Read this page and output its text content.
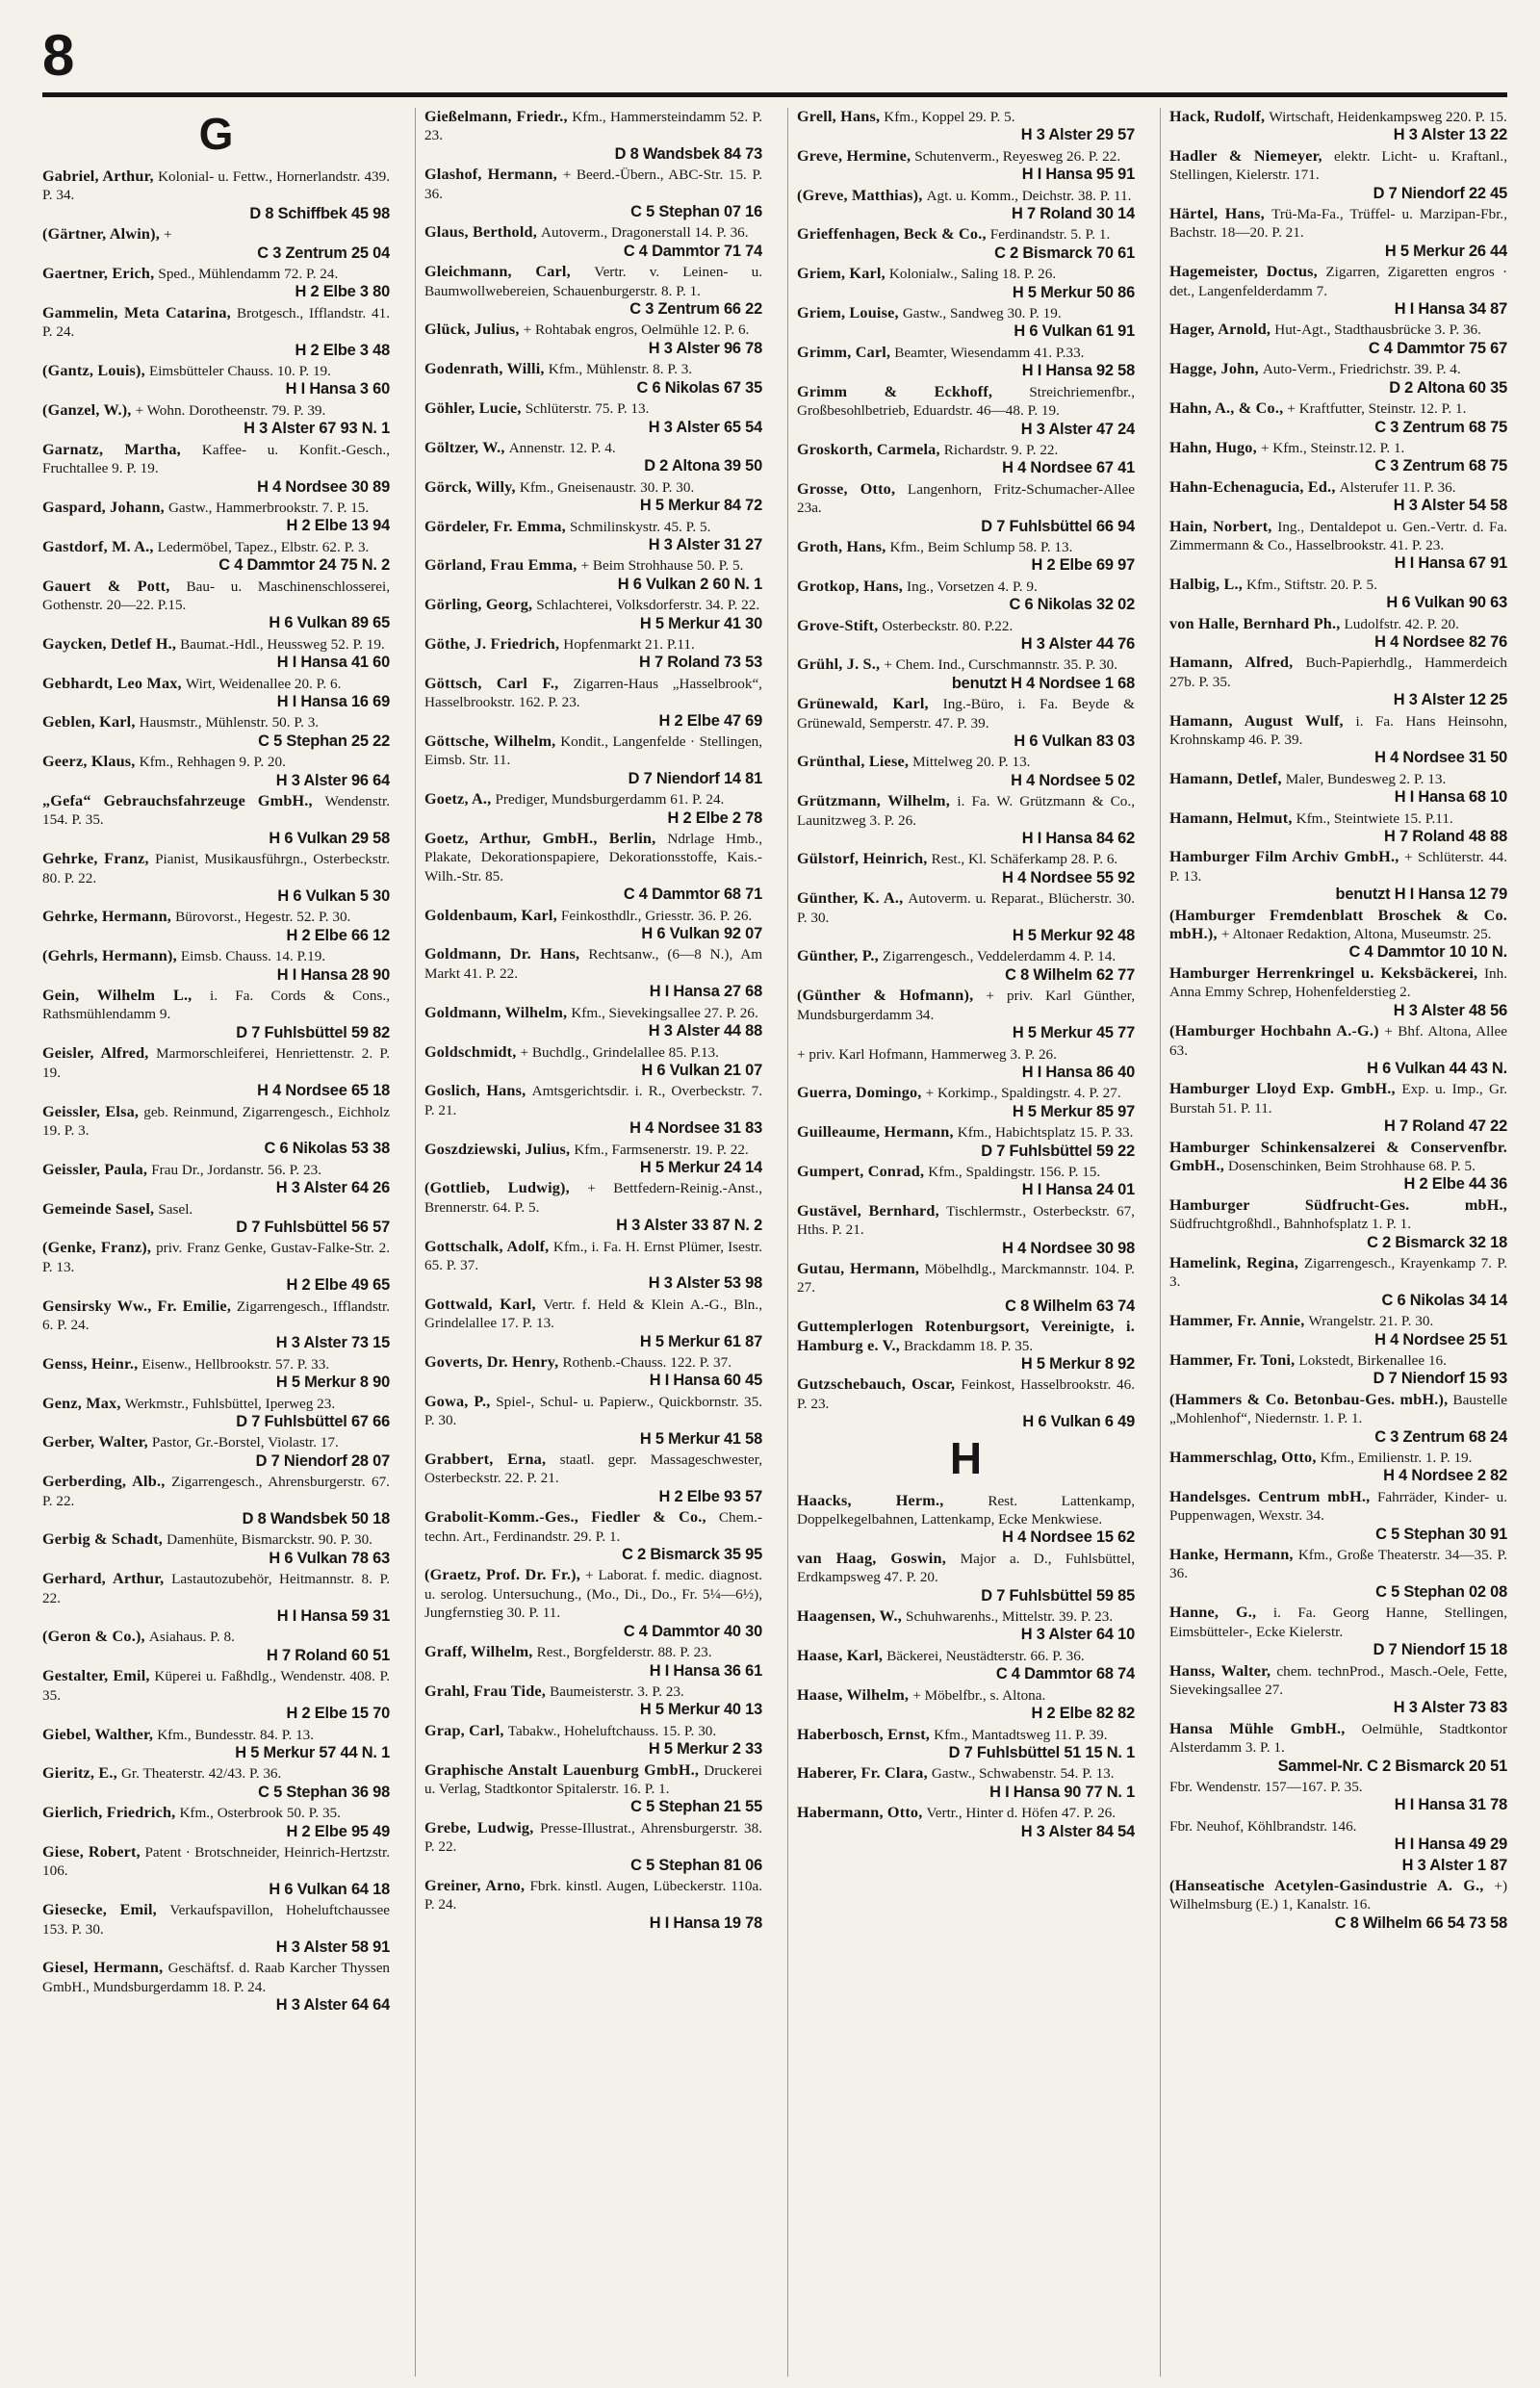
8
G
Gabriel, Arthur, Kolonial- u. Fettw., Hornerlandstr. 439. P. 34.
D 8 Schiffbek 45 98
(Gärtner, Alwin), +
C 3 Zentrum 25 04
Gaertner, Erich, Sped., Mühlendamm 72. P. 24.
H 2 Elbe 3 80
Gammelin, Meta Catarina, Brotgesch., Ifflandstr. 41. P. 24.
H 2 Elbe 3 48
(Gantz, Louis), Eimsbütteler Chauss. 10. P. 19.
H I Hansa 3 60
(Ganzel, W.), + Wohn. Dorotheenstr. 79. P. 39.
H 3 Alster 67 93 N. 1
Garnatz, Martha, Kaffee- u. Konfit.-Gesch., Fruchtallee 9. P. 19.
H 4 Nordsee 30 89
Gaspard, Johann, Gastw., Hammerbrookstr. 7. P. 15.
H 2 Elbe 13 94
Gastdorf, M. A., Ledermöbel, Tapez., Elbstr. 62. P. 3.
C 4 Dammtor 24 75 N. 2
Gauert & Pott, Bau- u. Maschinenschlosserei, Gothenstr. 20—22. P.15.
H 6 Vulkan 89 65
Gaycken, Detlef H., Baumat.-Hdl., Heussweg 52. P. 19.
H I Hansa 41 60
Gebhardt, Leo Max, Wirt, Weidenallee 20. P. 6.
H I Hansa 16 69
Geblen, Karl, Hausmstr., Mühlenstr. 50. P. 3.
C 5 Stephan 25 22
Geerz, Klaus, Kfm., Rehhagen 9. P. 20.
H 3 Alster 96 64
„Gefa“ Gebrauchsfahrzeuge GmbH., Wendenstr. 154. P. 35.
H 6 Vulkan 29 58
Gehrke, Franz, Pianist, Musikausführgn., Osterbeckstr. 80. P. 22.
H 6 Vulkan 5 30
Gehrke, Hermann, Bürovorst., Hegestr. 52. P. 30.
H 2 Elbe 66 12
(Gehrls, Hermann), Eimsb. Chauss. 14. P.19.
H I Hansa 28 90
Gein, Wilhelm L., i. Fa. Cords & Cons., Rathsmühlendamm 9.
D 7 Fuhlsbüttel 59 82
Geisler, Alfred, Marmorschleiferei, Henriettenstr. 2. P. 19.
H 4 Nordsee 65 18
Geissler, Elsa, geb. Reinmund, Zigarrengesch., Eichholz 19. P. 3.
C 6 Nikolas 53 38
Geissler, Paula, Frau Dr., Jordanstr. 56. P. 23.
H 3 Alster 64 26
Gemeinde Sasel, Sasel.
D 7 Fuhlsbüttel 56 57
(Genke, Franz), priv. Franz Genke, Gustav-Falke-Str. 2. P. 13.
H 2 Elbe 49 65
Gensirsky Ww., Fr. Emilie, Zigarrengesch., Ifflandstr. 6. P. 24.
H 3 Alster 73 15
Genss, Heinr., Eisenw., Hellbrookstr. 57. P. 33.
H 5 Merkur 8 90
Genz, Max, Werkmstr., Fuhlsbüttel, Iperweg 23.
D 7 Fuhlsbüttel 67 66
Gerber, Walter, Pastor, Gr.-Borstel, Violastr. 17.
D 7 Niendorf 28 07
Gerberding, Alb., Zigarrengesch., Ahrensburgerstr. 67. P. 22.
D 8 Wandsbek 50 18
Gerbig & Schadt, Damenhüte, Bismarckstr. 90. P. 30.
H 6 Vulkan 78 63
Gerhard, Arthur, Lastautozubehör, Heitmannstr. 8. P. 22.
H I Hansa 59 31
(Geron & Co.), Asiahaus. P. 8.
H 7 Roland 60 51
Gestalter, Emil, Küperei u. Faßhdlg., Wendenstr. 408. P. 35.
H 2 Elbe 15 70
Giebel, Walther, Kfm., Bundesstr. 84. P. 13.
H 5 Merkur 57 44 N. 1
Gieritz, E., Gr. Theaterstr. 42/43. P. 36.
C 5 Stephan 36 98
Gierlich, Friedrich, Kfm., Osterbrook 50. P. 35.
H 2 Elbe 95 49
Giese, Robert, Patent · Brotschneider, Heinrich-Hertzstr. 106.
H 6 Vulkan 64 18
Giesecke, Emil, Verkaufspavillon, Hoheluftchaussee 153. P. 30.
H 3 Alster 58 91
Giesel, Hermann, Geschäftsf. d. Raab Karcher Thyssen GmbH., Mundsburgerdamm 18. P. 24.
H 3 Alster 64 64
Gießelmann, Friedr., Kfm., Hammersteindamm 52. P. 23.
D 8 Wandsbek 84 73
Glashof, Hermann, + Beerd.-Übern., ABC-Str. 15. P. 36.
C 5 Stephan 07 16
Glaus, Berthold, Autoverm., Dragonerstall 14. P. 36.
C 4 Dammtor 71 74
Gleichmann, Carl, Vertr. v. Leinen- u. Baumwollwebereien, Schauenburgerstr. 8. P. 1.
C 3 Zentrum 66 22
Glück, Julius, + Rohtabak engros, Oelmühle 12. P. 6.
H 3 Alster 96 78
Godenrath, Willi, Kfm., Mühlenstr. 8. P. 3.
C 6 Nikolas 67 35
Göhler, Lucie, Schlüterstr. 75. P. 13.
H 3 Alster 65 54
Göltzer, W., Annenstr. 12. P. 4.
D 2 Altona 39 50
Görck, Willy, Kfm., Gneisenaustr. 30. P. 30.
H 5 Merkur 84 72
Gördeler, Fr. Emma, Schmilinskystr. 45. P. 5.
H 3 Alster 31 27
Görland, Frau Emma, + Beim Strohhause 50. P. 5.
H 6 Vulkan 2 60 N. 1
Görling, Georg, Schlachterei, Volksdorferstr. 34. P. 22.
H 5 Merkur 41 30
Göthe, J. Friedrich, Hopfenmarkt 21. P.11.
H 7 Roland 73 53
Göttsch, Carl F., Zigarren-Haus „Hasselbrook“, Hasselbrookstr. 162. P. 23.
H 2 Elbe 47 69
Göttsche, Wilhelm, Kondit., Langenfelde · Stellingen, Eimsb. Str. 11.
D 7 Niendorf 14 81
Goetz, A., Prediger, Mundsburgerdamm 61. P. 24.
H 2 Elbe 2 78
Goetz, Arthur, GmbH., Berlin, Ndrlage Hmb., Plakate, Dekorationspapiere, Dekorationsstoffe, Kais.-Wilh.-Str. 85.
C 4 Dammtor 68 71
Goldenbaum, Karl, Feinkosthdlr., Griesstr. 36. P. 26.
H 6 Vulkan 92 07
Goldmann, Dr. Hans, Rechtsanw., (6—8 N.), Am Markt 41. P. 22.
H I Hansa 27 68
Goldmann, Wilhelm, Kfm., Sievekingsallee 27. P. 26.
H 3 Alster 44 88
Goldschmidt, + Buchdlg., Grindelallee 85. P.13.
H 6 Vulkan 21 07
Goslich, Hans, Amtsgerichtsdir. i. R., Overbeckstr. 7. P. 21.
H 4 Nordsee 31 83
Goszdziewski, Julius, Kfm., Farmsenerstr. 19. P. 22.
H 5 Merkur 24 14
(Gottlieb, Ludwig), + Bettfedern-Reinig.-Anst., Brennerstr. 64. P. 5.
H 3 Alster 33 87 N. 2
Gottschalk, Adolf, Kfm., i. Fa. H. Ernst Plümer, Isestr. 65. P. 37.
H 3 Alster 53 98
Gottwald, Karl, Vertr. f. Held & Klein A.-G., Bln., Grindelallee 17. P. 13.
H 5 Merkur 61 87
Goverts, Dr. Henry, Rothenb.-Chauss. 122. P. 37.
H I Hansa 60 45
Gowa, P., Spiel-, Schul- u. Papierw., Quickbornstr. 35. P. 30.
H 5 Merkur 41 58
Grabbert, Erna, staatl. gepr. Massageschwester, Osterbeckstr. 22. P. 21.
H 2 Elbe 93 57
Grabolit-Komm.-Ges., Fiedler & Co., Chem.-techn. Art., Ferdinandstr. 29. P. 1.
C 2 Bismarck 35 95
(Graetz, Prof. Dr. Fr.), + Laborat. f. medic. diagnost. u. serolog. Untersuchung., (Mo., Di., Do., Fr. 5¼—6½), Jungfernstieg 30. P. 11.
C 4 Dammtor 40 30
Graff, Wilhelm, Rest., Borgfelderstr. 88. P. 23.
H I Hansa 36 61
Grahl, Frau Tide, Baumeisterstr. 3. P. 23.
H 5 Merkur 40 13
Grap, Carl, Tabakw., Hoheluftchauss. 15. P. 30.
H 5 Merkur 2 33
Graphische Anstalt Lauenburg GmbH., Druckerei u. Verlag, Stadtkontor Spitalerstr. 16. P. 1.
C 5 Stephan 21 55
Grebe, Ludwig, Presse-Illustrat., Ahrensburgerstr. 38. P. 22.
C 5 Stephan 81 06
Greiner, Arno, Fbrk. kinstl. Augen, Lübeckerstr. 110a. P. 24.
H I Hansa 19 78
Grell, Hans, Kfm., Koppel 29. P. 5.
H 3 Alster 29 57
Greve, Hermine, Schutenverm., Reyesweg 26. P. 22.
H I Hansa 95 91
(Greve, Matthias), Agt. u. Komm., Deichstr. 38. P. 11.
H 7 Roland 30 14
Grieffenhagen, Beck & Co., Ferdinandstr. 5. P. 1.
C 2 Bismarck 70 61
Griem, Karl, Kolonialw., Saling 18. P. 26.
H 5 Merkur 50 86
Griem, Louise, Gastw., Sandweg 30. P. 19.
H 6 Vulkan 61 91
Grimm, Carl, Beamter, Wiesendamm 41. P.33.
H I Hansa 92 58
Grimm & Eckhoff,	Streichriemenfbr., Großbesohlbetrieb, Eduardstr. 46—48. P. 19.
H 3 Alster 47 24
Groskorth, Carmela, Richardstr. 9. P. 22.
H 4 Nordsee 67 41
Grosse, Otto, Langenhorn, Fritz-Schumacher-Allee 23a.
D 7 Fuhlsbüttel 66 94
Groth, Hans, Kfm., Beim Schlump 58. P. 13.
H 2 Elbe 69 97
Grotkop, Hans, Ing., Vorsetzen 4. P. 9.
C 6 Nikolas 32 02
Grove-Stift, Osterbeckstr. 80. P.22.
H 3 Alster 44 76
Grühl, J. S., + Chem. Ind., Curschmannstr. 35. P. 30.
benutzt H 4 Nordsee 1 68
Grünewald, Karl, Ing.-Büro, i. Fa. Beyde & Grünewald, Semperstr. 47. P. 39.
H 6 Vulkan 83 03
Grünthal, Liese, Mittelweg 20. P. 13.
H 4 Nordsee 5 02
Grützmann, Wilhelm, i. Fa. W. Grützmann & Co., Launitzweg 3. P. 26.
H I Hansa 84 62
Gülstorf, Heinrich, Rest., Kl. Schäferkamp 28. P. 6.
H 4 Nordsee 55 92
Günther, K. A., Autoverm. u. Reparat., Blücherstr. 30. P. 30.
H 5 Merkur 92 48
Günther, P., Zigarrengesch., Veddelerdamm 4. P. 14.
C 8 Wilhelm 62 77
(Günther & Hofmann), + priv. Karl Günther, Mundsburgerdamm 34.
H 5 Merkur 45 77
+ priv. Karl Hofmann, Hammerweg 3. P. 26.
H I Hansa 86 40
Guerra, Domingo, + Korkimp., Spaldingstr. 4. P. 27.
H 5 Merkur 85 97
Guilleaume, Hermann, Kfm., Habichtsplatz 15. P. 33.
D 7 Fuhlsbüttel 59 22
Gumpert, Conrad, Kfm., Spaldingstr. 156. P. 15.
H I Hansa 24 01
Gustävel, Bernhard, Tischlermstr., Osterbeckstr. 67, Hths. P. 21.
H 4 Nordsee 30 98
Gutau, Hermann, Möbelhdlg., Marckmannstr. 104. P. 27.
C 8 Wilhelm 63 74
Guttemplerlogen Rotenburgsort, Vereinigte, i. Hamburg e. V., Brackdamm 18. P. 35.
H 5 Merkur 8 92
Gutzschebauch, Oscar, Feinkost, Hasselbrookstr. 46. P. 23.
H 6 Vulkan 6 49
H
Haacks, Herm.,	Rest. Lattenkamp, Doppelkegelbahnen, Lattenkamp, Ecke Menkwiese.
H 4 Nordsee 15 62
van Haag, Goswin, Major a. D., Fuhlsbüttel, Erdkampsweg 47. P. 20.
D 7 Fuhlsbüttel 59 85
Haagensen, W., Schuhwarenhs., Mittelstr. 39. P. 23.
H 3 Alster 64 10
Haase, Karl, Bäckerei, Neustädterstr. 66. P. 36.
C 4 Dammtor 68 74
Haase, Wilhelm, + Möbelfbr., s. Altona.
H 2 Elbe 82 82
Haberbosch, Ernst, Kfm., Mantadtsweg 11. P. 39.
D 7 Fuhlsbüttel 51 15 N. 1
Haberer, Fr. Clara, Gastw., Schwabenstr. 54. P. 13.
H I Hansa 90 77 N. 1
Habermann, Otto, Vertr., Hinter d. Höfen 47. P. 26.
H 3 Alster 84 54
Hack, Rudolf, Wirtschaft, Heidenkampsweg 220. P. 15.
H 3 Alster 13 22
Hadler & Niemeyer, elektr. Licht- u. Kraftanl., Stellingen, Kielerstr. 171.
D 7 Niendorf 22 45
Härtel, Hans, Trü-Ma-Fa., Trüffel- u. Marzipan-Fbr., Bachstr. 18—20. P. 21.
H 5 Merkur 26 44
Hagemeister, Doctus, Zigarren, Zigaretten engros · det., Langenfelderdamm 7.
H I Hansa 34 87
Hager, Arnold, Hut-Agt., Stadthausbrücke 3. P. 36.
C 4 Dammtor 75 67
Hagge, John, Auto-Verm., Friedrichstr. 39. P. 4.
D 2 Altona 60 35
Hahn, A., & Co., + Kraftfutter, Steinstr. 12. P. 1.
C 3 Zentrum 68 75
Hahn, Hugo, + Kfm., Steinstr.12. P. 1.
C 3 Zentrum 68 75
Hahn-Echenagucia, Ed., Alsterufer 11. P. 36.
H 3 Alster 54 58
Hain, Norbert, Ing., Dentaldepot u. Gen.-Vertr. d. Fa. Zimmermann & Co., Hasselbrookstr. 41. P. 23.
H I Hansa 67 91
Halbig, L., Kfm., Stiftstr. 20. P. 5.
H 6 Vulkan 90 63
von Halle, Bernhard Ph., Ludolfstr. 42. P. 20.
H 4 Nordsee 82 76
Hamann, Alfred, Buch-Papierhdlg., Hammerdeich 27b. P. 35.
H 3 Alster 12 25
Hamann, August Wulf, i. Fa. Hans Heinsohn, Krohnskamp 46. P. 39.
H 4 Nordsee 31 50
Hamann, Detlef, Maler, Bundesweg 2. P. 13.
H I Hansa 68 10
Hamann, Helmut, Kfm., Steintwiete 15. P.11.
H 7 Roland 48 88
Hamburger Film Archiv GmbH., + Schlüterstr. 44. P. 13.
benutzt H I Hansa 12 79
(Hamburger Fremdenblatt Broschek & Co. mbH.), + Altonaer Redaktion, Altona, Museumstr. 25.
C 4 Dammtor 10 10 N.
Hamburger Herrenkringel u. Keksbäckerei, Inh. Anna Emmy Schrep, Hohenfelderstieg 2.
H 3 Alster 48 56
(Hamburger Hochbahn A.-G.) + Bhf. Altona, Allee 63.
H 6 Vulkan 44 43 N.
Hamburger Lloyd Exp. GmbH., Exp. u. Imp., Gr. Burstah 51. P. 11.
H 7 Roland 47 22
Hamburger Schinkensalzerei & Conservenfbr. GmbH., Dosenschinken, Beim Strohhause 68. P. 5.
H 2 Elbe 44 36
Hamburger Südfrucht-Ges. mbH., Südfruchtgroßhdl., Bahnhofsplatz 1. P. 1.
C 2 Bismarck 32 18
Hamelink, Regina, Zigarrengesch., Krayenkamp 7. P. 3.
C 6 Nikolas 34 14
Hammer, Fr. Annie, Wrangelstr. 21. P. 30.
H 4 Nordsee 25 51
Hammer, Fr. Toni, Lokstedt, Birkenallee 16.
D 7 Niendorf 15 93
(Hammers & Co. Betonbau-Ges. mbH.), Baustelle „Mohlenhof“, Niedernstr. 1. P. 1.
C 3 Zentrum 68 24
Hammerschlag, Otto, Kfm., Emilienstr. 1. P. 19.
H 4 Nordsee 2 82
Handelsges. Centrum mbH., Fahrräder, Kinder- u. Puppenwagen, Wexstr. 34.
C 5 Stephan 30 91
Hanke, Hermann, Kfm., Große Theaterstr. 34—35. P. 36.
C 5 Stephan 02 08
Hanne, G., i. Fa. Georg Hanne, Stellingen, Eimsbütteler-, Ecke Kielerstr.
D 7 Niendorf 15 18
Hanss, Walter, chem. technProd., Masch.-Oele, Fette, Sievekingsallee 27.
H 3 Alster 73 83
Hansa Mühle GmbH., Oelmühle, Stadtkontor Alsterdamm 3. P. 1.
Sammel-Nr. C 2 Bismarck 20 51
Fbr. Wendenstr. 157—167. P. 35.
H I Hansa 31 78
Fbr. Neuhof, Köhlbrandstr. 146.
H I Hansa 49 29
H 3 Alster 1 87
(Hanseatische Acetylen-Gasindustrie A. G., +) Wilhelmsburg (E.) 1, Kanalstr. 16.
C 8 Wilhelm 66 54 73 58
